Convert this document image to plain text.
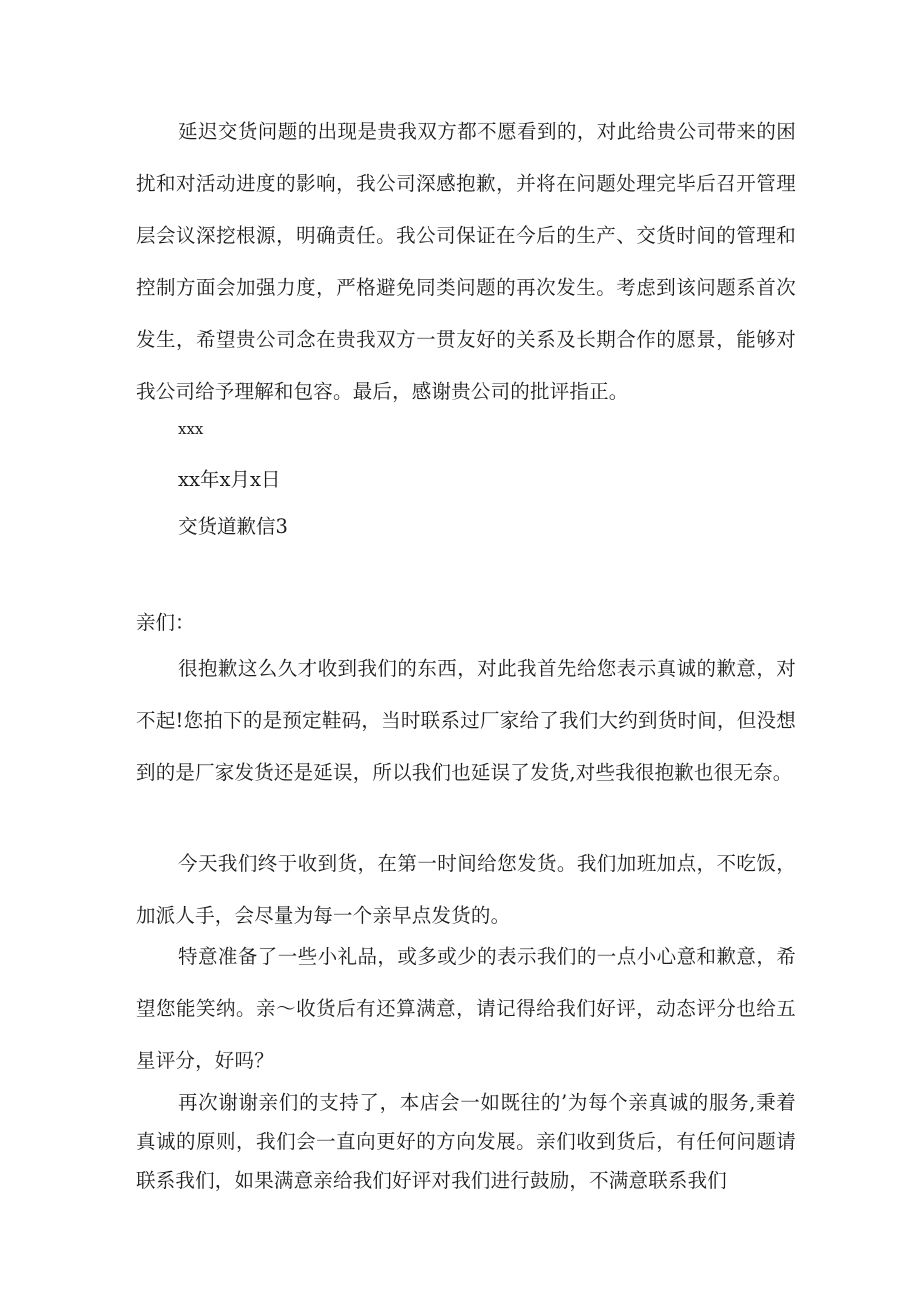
延迟交货问题的出现是贵我双方都不愿看到的，对此给贵公司带来的困扰和对活动进度的影响，我公司深感抱歉，并将在问题处理完毕后召开管理层会议深挖根源，明确责任。我公司保证在今后的生产、交货时间的管理和控制方面会加强力度，严格避免同类问题的再次发生。考虑到该问题系首次发生，希望贵公司念在贵我双方一贯友好的关系及长期合作的愿景，能够对我公司给予理解和包容。最后，感谢贵公司的批评指正。

xxx

xx年x月x日

交货道歉信3

亲们：

很抱歉这么久才收到我们的东西，对此我首先给您表示真诚的歉意，对不起!您拍下的是预定鞋码，当时联系过厂家给了我们大约到货时间，但没想到的是厂家发货还是延误，所以我们也延误了发货,对些我很抱歉也很无奈。

今天我们终于收到货，在第一时间给您发货。我们加班加点，不吃饭，加派人手，会尽量为每一个亲早点发货的。

特意准备了一些小礼品，或多或少的表示我们的一点小心意和歉意，希望您能笑纳。亲～收货后有还算满意，请记得给我们好评，动态评分也给五星评分，好吗？

再次谢谢亲们的支持了，本店会一如既往的’为每个亲真诚的服务,秉着真诚的原则，我们会一直向更好的方向发展。亲们收到货后，有任何问题请联系我们，如果满意亲给我们好评对我们进行鼓励，不满意联系我们
